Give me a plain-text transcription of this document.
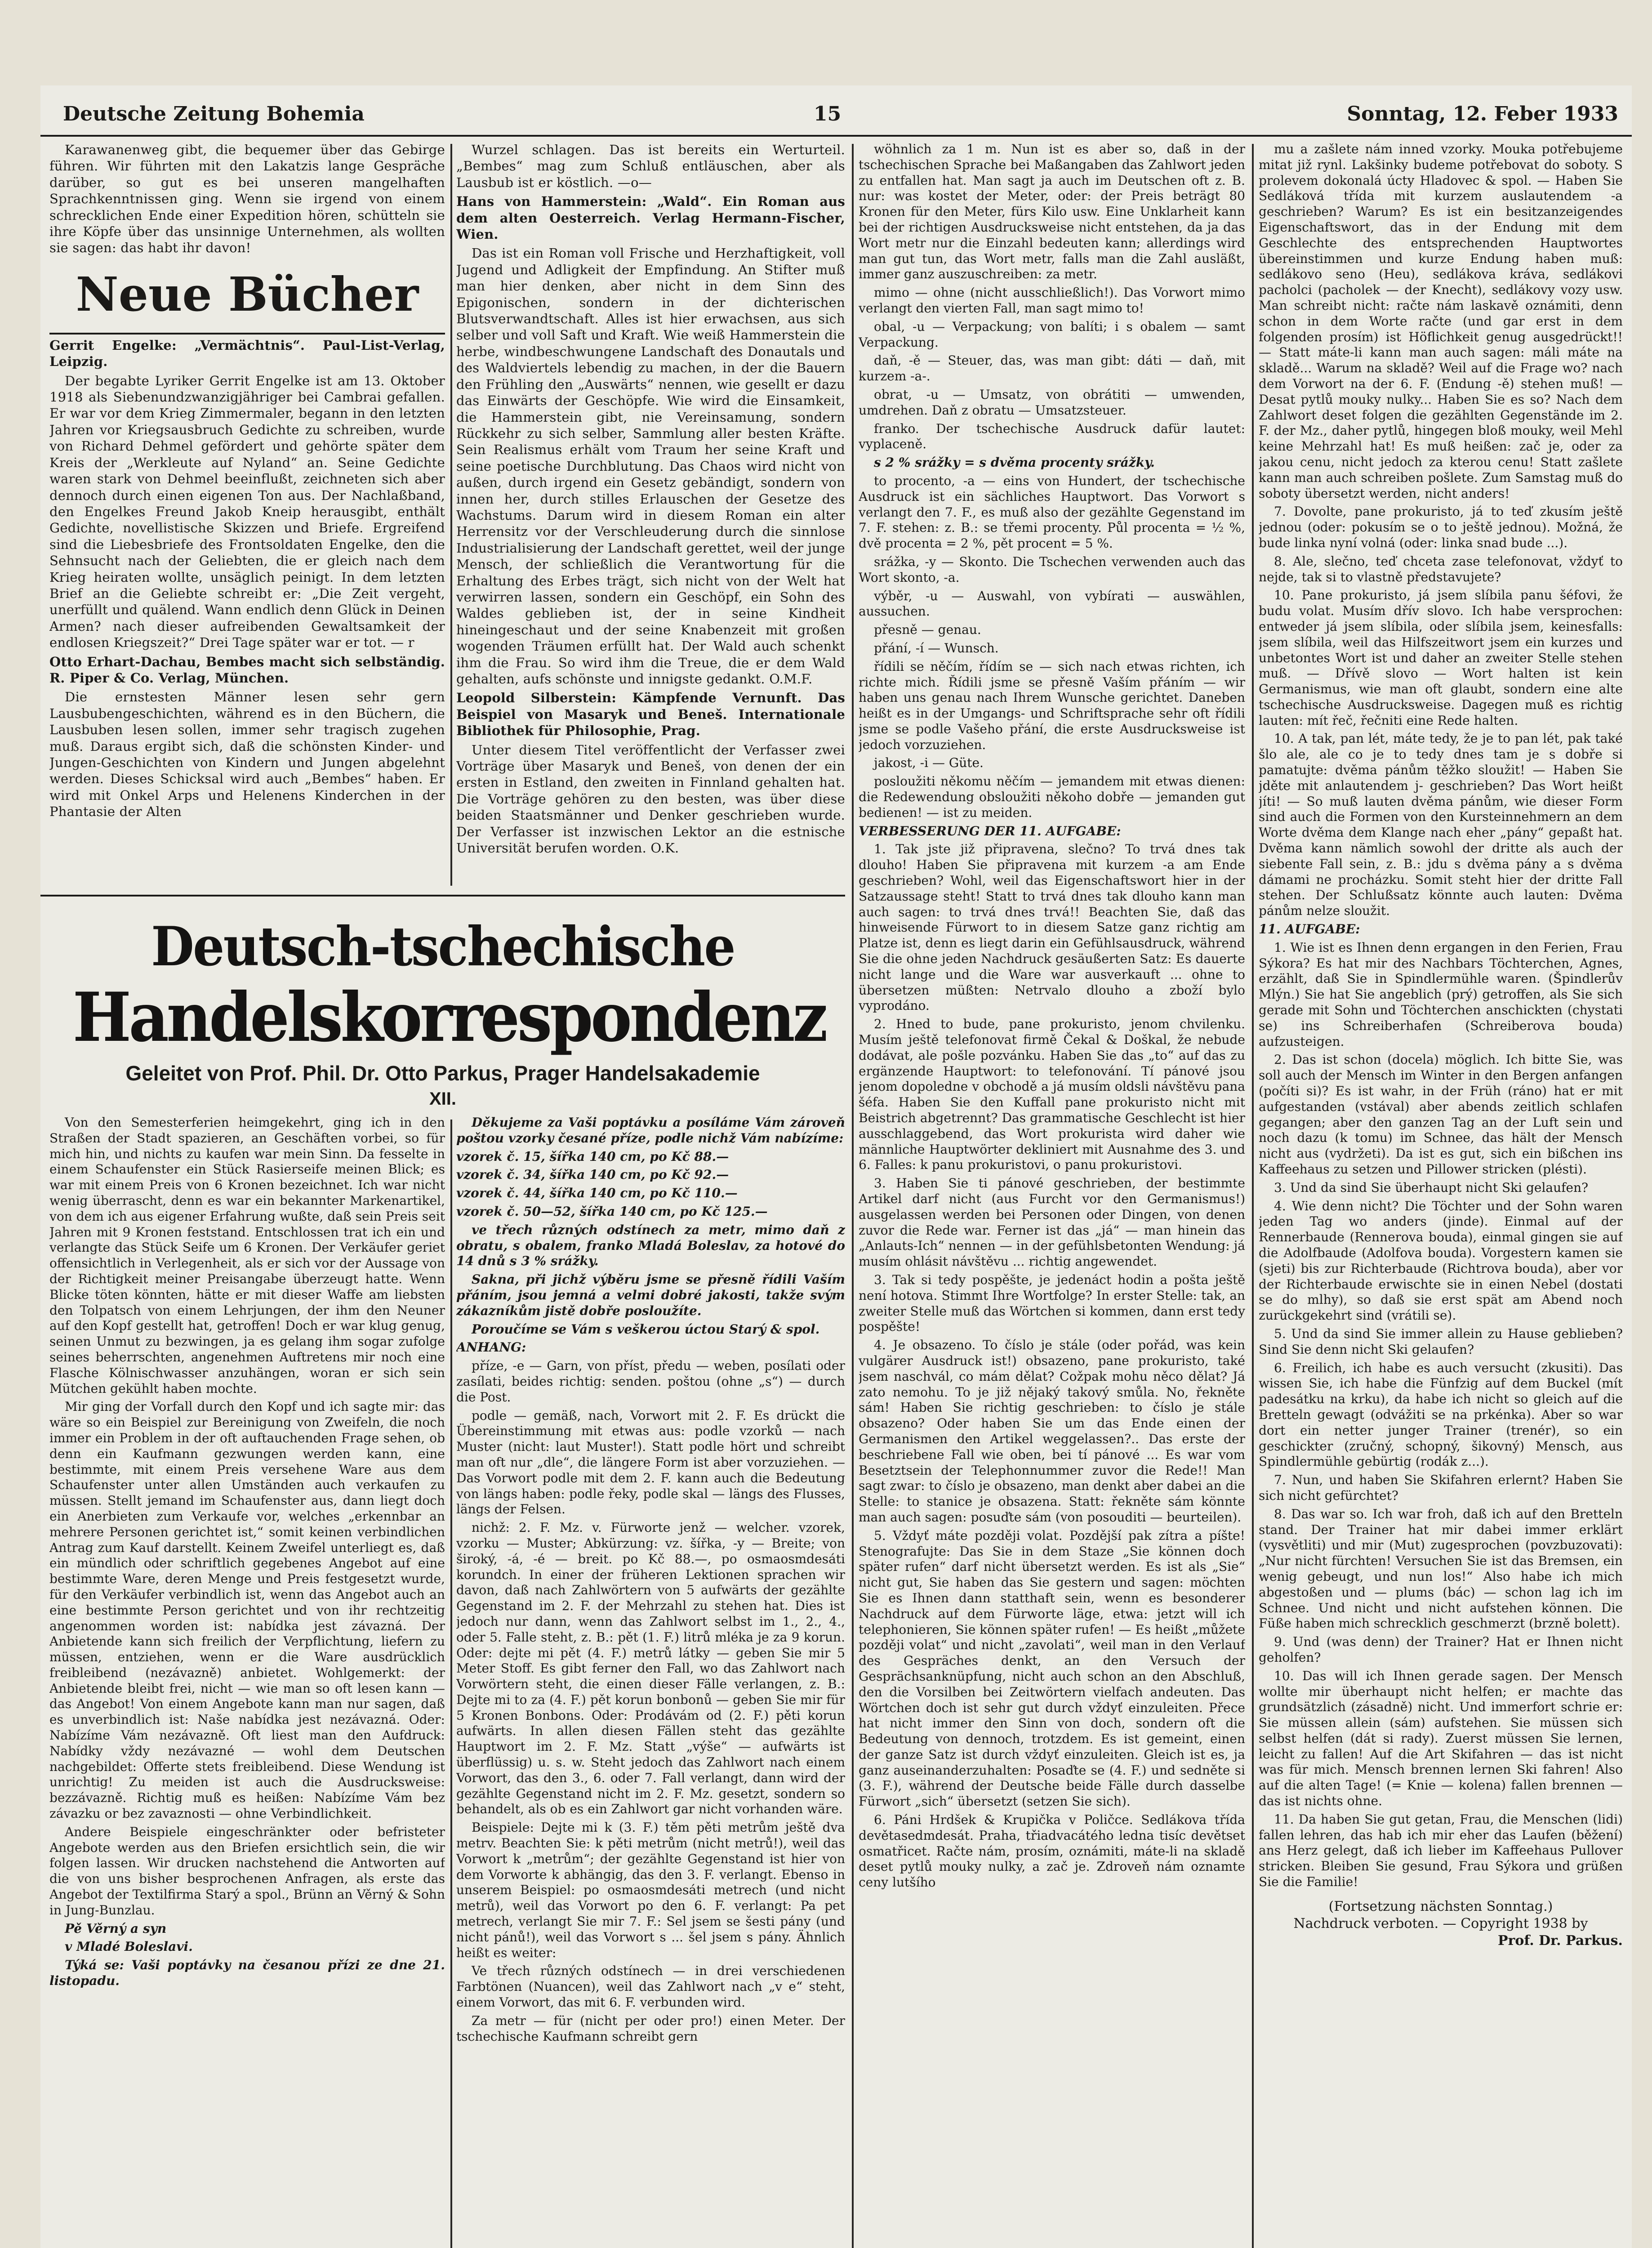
Deutsche Zeitung Bohemia	15	Sonntag, 12. Feber 1933

Karawanenweg gibt, die bequemer über das Gebirge führen. Wir führten mit den Lakatzis lange Gespräche darüber, so gut es bei unseren mangelhaften Sprachkenntnissen ging. Wenn sie irgend von einem schrecklichen Ende einer Expedition hören, schütteln sie ihre Köpfe über das unsinnige Unternehmen, als wollten sie sagen: das habt ihr davon!

Neue Bücher

Gerrit Engelke: „Vermächtnis“. Paul-List-Verlag, Leipzig.

Der begabte Lyriker Gerrit Engelke ist am 13. Oktober 1918 als Siebenundzwanzigjähriger bei Cambrai gefallen. Er war vor dem Krieg Zimmermaler, begann in den letzten Jahren vor Kriegsausbruch Gedichte zu schreiben, wurde von Richard Dehmel gefördert und gehörte später dem Kreis der „Werkleute auf Nyland“ an. Seine Gedichte waren stark von Dehmel beeinflußt, zeichneten sich aber dennoch durch einen eigenen Ton aus. Der Nachlaßband, den Engelkes Freund Jakob Kneip herausgibt, enthält Gedichte, novellistische Skizzen und Briefe. Ergreifend sind die Liebesbriefe des Frontsoldaten Engelke, den die Sehnsucht nach der Geliebten, die er gleich nach dem Krieg heiraten wollte, unsäglich peinigt. In dem letzten Brief an die Geliebte schreibt er: „Die Zeit vergeht, unerfüllt und quälend. Wann endlich denn Glück in Deinen Armen? nach dieser aufreibenden Gewaltsamkeit der endlosen Kriegszeit?“ Drei Tage später war er tot. — r

Otto Erhart-Dachau, Bembes macht sich selbständig. R. Piper & Co. Verlag, München.

Die ernstesten Männer lesen sehr gern Lausbubengeschichten, während es in den Büchern, die Lausbuben lesen sollen, immer sehr tragisch zugehen muß. Daraus ergibt sich, daß die schönsten Kinder- und Jungen-Geschichten von Kindern und Jungen abgelehnt werden. Dieses Schicksal wird auch „Bembes“ haben. Er wird mit Onkel Arps und Helenens Kinderchen in der Phantasie der Alten

Wurzel schlagen. Das ist bereits ein Werturteil. „Bembes“ mag zum Schluß entläuschen, aber als Lausbub ist er köstlich. —o—

Hans von Hammerstein: „Wald“. Ein Roman aus dem alten Oesterreich. Verlag Hermann-Fischer, Wien.

Das ist ein Roman voll Frische und Herzhaftigkeit, voll Jugend und Adligkeit der Empfindung. An Stifter muß man hier denken, aber nicht in dem Sinn des Epigonischen, sondern in der dichterischen Blutsverwandtschaft. Alles ist hier erwachsen, aus sich selber und voll Saft und Kraft. Wie weiß Hammerstein die herbe, windbeschwungene Landschaft des Donautals und des Waldviertels lebendig zu machen, in der die Bauern den Frühling den „Auswärts“ nennen, wie gesellt er dazu das Einwärts der Geschöpfe. Wie wird die Einsamkeit, die Hammerstein gibt, nie Vereinsamung, sondern Rückkehr zu sich selber, Sammlung aller besten Kräfte. Sein Realismus erhält vom Traum her seine Kraft und seine poetische Durchblutung. Das Chaos wird nicht von außen, durch irgend ein Gesetz gebändigt, sondern von innen her, durch stilles Erlauschen der Gesetze des Wachstums. Darum wird in diesem Roman ein alter Herrensitz vor der Verschleuderung durch die sinnlose Industrialisierung der Landschaft gerettet, weil der junge Mensch, der schließlich die Verantwortung für die Erhaltung des Erbes trägt, sich nicht von der Welt hat verwirren lassen, sondern ein Geschöpf, ein Sohn des Waldes geblieben ist, der in seine Kindheit hineingeschaut und der seine Knabenzeit mit großen wogenden Träumen erfüllt hat. Der Wald auch schenkt ihm die Frau. So wird ihm die Treue, die er dem Wald gehalten, aufs schönste und innigste gedankt. O.M.F.

Leopold Silberstein: Kämpfende Vernunft. Das Beispiel von Masaryk und Beneš. Internationale Bibliothek für Philosophie, Prag.

Unter diesem Titel veröffentlicht der Verfasser zwei Vorträge über Masaryk und Beneš, von denen der ein ersten in Estland, den zweiten in Finnland gehalten hat. Die Vorträge gehören zu den besten, was über diese beiden Staatsmänner und Denker geschrieben wurde. Der Verfasser ist inzwischen Lektor an die estnische Universität berufen worden. O.K.

Deutsch-tschechische
Handelskorrespondenz
Geleitet von Prof. Phil. Dr. Otto Parkus, Prager Handelsakademie
XII.

Von den Semesterferien heimgekehrt, ging ich in den Straßen der Stadt spazieren, an Geschäften vorbei, so für mich hin, und nichts zu kaufen war mein Sinn. Da fesselte in einem Schaufenster ein Stück Rasierseife meinen Blick; es war mit einem Preis von 6 Kronen bezeichnet. Ich war nicht wenig überrascht, denn es war ein bekannter Markenartikel, von dem ich aus eigener Erfahrung wußte, daß sein Preis seit Jahren mit 9 Kronen feststand. Entschlossen trat ich ein und verlangte das Stück Seife um 6 Kronen. Der Verkäufer geriet offensichtlich in Verlegenheit, als er sich vor der Aussage von der Richtigkeit meiner Preisangabe überzeugt hatte. Wenn Blicke töten könnten, hätte er mit dieser Waffe am liebsten den Tolpatsch von einem Lehrjungen, der ihm den Neuner auf den Kopf gestellt hat, getroffen! Doch er war klug genug, seinen Unmut zu bezwingen, ja es gelang ihm sogar zufolge seines beherrschten, angenehmen Auftretens mir noch eine Flasche Kölnischwasser anzuhängen, woran er sich sein Mütchen gekühlt haben mochte.

Mir ging der Vorfall durch den Kopf und ich sagte mir: das wäre so ein Beispiel zur Bereinigung von Zweifeln, die noch immer ein Problem in der oft auftauchenden Frage sehen, ob denn ein Kaufmann gezwungen werden kann, eine bestimmte, mit einem Preis versehene Ware aus dem Schaufenster unter allen Umständen auch verkaufen zu müssen. Stellt jemand im Schaufenster aus, dann liegt doch ein Anerbieten zum Verkaufe vor, welches „erkennbar an mehrere Personen gerichtet ist,“ somit keinen verbindlichen Antrag zum Kauf darstellt. Keinem Zweifel unterliegt es, daß ein mündlich oder schriftlich gegebenes Angebot auf eine bestimmte Ware, deren Menge und Preis festgesetzt wurde, für den Verkäufer verbindlich ist, wenn das Angebot auch an eine bestimmte Person gerichtet und von ihr rechtzeitig angenommen worden ist: nabídka jest závazná. Der Anbietende kann sich freilich der Verpflichtung, liefern zu müssen, entziehen, wenn er die Ware ausdrücklich freibleibend (nezávazně) anbietet. Wohlgemerkt: der Anbietende bleibt frei, nicht — wie man so oft lesen kann — das Angebot! Von einem Angebote kann man nur sagen, daß es unverbindlich ist: Naše nabídka jest nezávazná. Oder: Nabízíme Vám nezávazně. Oft liest man den Aufdruck: Nabídky vždy nezávazné — wohl dem Deutschen nachgebildet: Offerte stets freibleibend. Diese Wendung ist unrichtig! Zu meiden ist auch die Ausdrucksweise: bezzávazně. Richtig muß es heißen: Nabízíme Vám bez závazku or bez zavaznosti — ohne Verbindlichkeit.

Andere Beispiele eingeschränkter oder befristeter Angebote werden aus den Briefen ersichtlich sein, die wir folgen lassen. Wir drucken nachstehend die Antworten auf die von uns bisher besprochenen Anfragen, als erste das Angebot der Textilfirma Starý a spol., Brünn an Věrný & Sohn in Jung-Bunzlau.

Pě Věrný a syn

v Mladé Boleslavi.

Týká se: Vaši poptávky na česanou přízi ze dne 21. listopadu.

Děkujeme za Vaši poptávku a posíláme Vám zároveň poštou vzorky česané příze, podle nichž Vám nabízíme:

vzorek č. 15, šířka 140 cm, po Kč 88.—

vzorek č. 34, šířka 140 cm, po Kč 92.—

vzorek č. 44, šířka 140 cm, po Kč 110.—

vzorek č. 50—52, šířka 140 cm, po Kč 125.—

ve třech různých odstínech za metr, mimo daň z obratu, s obalem, franko Mladá Boleslav, za hotové do 14 dnů s 3 % srážky.

Sakna, při jichž výběru jsme se přesně řídili Vaším přáním, jsou jemná a velmi dobré jakosti, takže svým zákazníkům jistě dobře posloužíte.

Poroučíme se Vám s veškerou úctou Starý & spol.

ANHANG:

příze, -e — Garn, von příst, předu — weben, posílati oder zasílati, beides richtig: senden. poštou (ohne „s“) — durch die Post.

podle — gemäß, nach, Vorwort mit 2. F. Es drückt die Übereinstimmung mit etwas aus: podle vzorků — nach Muster (nicht: laut Muster!). Statt podle hört und schreibt man oft nur „dle“, die längere Form ist aber vorzuziehen. — Das Vorwort podle mit dem 2. F. kann auch die Bedeutung von längs haben: podle řeky, podle skal — längs des Flusses, längs der Felsen.

nichž: 2. F. Mz. v. Fürworte jenž — welcher. vzorek, vzorku — Muster; Abkürzung: vz. šířka, -y — Breite; von široký, -á, -é — breit. po Kč 88.—, po osmaosmdesáti korundch. In einer der früheren Lektionen sprachen wir davon, daß nach Zahlwörtern von 5 aufwärts der gezählte Gegenstand im 2. F. der Mehrzahl zu stehen hat. Dies ist jedoch nur dann, wenn das Zahlwort selbst im 1., 2., 4., oder 5. Falle steht, z. B.: pět (1. F.) litrů mléka je za 9 korun. Oder: dejte mi pět (4. F.) metrů látky — geben Sie mir 5 Meter Stoff. Es gibt ferner den Fall, wo das Zahlwort nach Vorwörtern steht, die einen dieser Fälle verlangen, z. B.: Dejte mi to za (4. F.) pět korun bonbonů — geben Sie mir für 5 Kronen Bonbons. Oder: Prodávám od (2. F.) pěti korun aufwärts. In allen diesen Fällen steht das gezählte Hauptwort im 2. F. Mz. Statt „výše“ — aufwärts ist überflüssig) u. s. w. Steht jedoch das Zahlwort nach einem Vorwort, das den 3., 6. oder 7. Fall verlangt, dann wird der gezählte Gegenstand nicht im 2. F. Mz. gesetzt, sondern so behandelt, als ob es ein Zahlwort gar nicht vorhanden wäre.

Beispiele: Dejte mi k (3. F.) těm pěti metrům ještě dva metrv. Beachten Sie: k pěti metrům (nicht metrů!), weil das Vorwort k „metrům“; der gezählte Gegenstand ist hier von dem Vorworte k abhängig, das den 3. F. verlangt. Ebenso in unserem Beispiel: po osmaosmdesáti metrech (und nicht metrů), weil das Vorwort po den 6. F. verlangt: Pa pet metrech, verlangt Sie mir 7. F.: Sel jsem se šesti pány (und nicht pánů!), weil das Vorwort s ... šel jsem s pány. Ähnlich heißt es weiter:

Ve třech různých odstínech — in drei verschiedenen Farbtönen (Nuancen), weil das Zahlwort nach „v e“ steht, einem Vorwort, das mit 6. F. verbunden wird.

Za metr — für (nicht per oder pro!) einen Meter. Der tschechische Kaufmann schreibt gern

wöhnlich za 1 m. Nun ist es aber so, daß in der tschechischen Sprache bei Maßangaben das Zahlwort jeden zu entfallen hat. Man sagt ja auch im Deutschen oft z. B. nur: was kostet der Meter, oder: der Preis beträgt 80 Kronen für den Meter, fürs Kilo usw. Eine Unklarheit kann bei der richtigen Ausdrucksweise nicht entstehen, da ja das Wort metr nur die Einzahl bedeuten kann; allerdings wird man gut tun, das Wort metr, falls man die Zahl ausläßt, immer ganz auszuschreiben: za metr.

mimo — ohne (nicht ausschließlich!). Das Vorwort mimo verlangt den vierten Fall, man sagt mimo to!

obal, -u — Verpackung; von balíti; i s obalem — samt Verpackung.

daň, -ě — Steuer, das, was man gibt: dáti — daň, mit kurzem -a-.

obrat, -u — Umsatz, von obrátiti — umwenden, umdrehen. Daň z obratu — Umsatzsteuer.

franko. Der tschechische Ausdruck dafür lautet: vyplaceně.

s 2 % srážky = s dvěma procenty srážky.

to procento, -a — eins von Hundert, der tschechische Ausdruck ist ein sächliches Hauptwort. Das Vorwort s verlangt den 7. F., es muß also der gezählte Gegenstand im 7. F. stehen: z. B.: se třemi procenty. Půl procenta = ½ %, dvě procenta = 2 %, pět procent = 5 %.

srážka, -y — Skonto. Die Tschechen verwenden auch das Wort skonto, -a.

výběr, -u — Auswahl, von vybírati — auswählen, aussuchen.

přesně — genau.

přání, -í — Wunsch.

řídili se něčím, řídím se — sich nach etwas richten, ich richte mich. Řídili jsme se přesně Vaším přáním — wir haben uns genau nach Ihrem Wunsche gerichtet. Daneben heißt es in der Umgangs- und Schriftsprache sehr oft řídili jsme se podle Vašeho přání, die erste Ausdrucksweise ist jedoch vorzuziehen.

jakost, -i — Güte.

posloužiti někomu něčím — jemandem mit etwas dienen: die Redewendung obsloužiti někoho dobře — jemanden gut bedienen! — ist zu meiden.

VERBESSERUNG DER 11. AUFGABE:

1. Tak jste již připravena, slečno? To trvá dnes tak dlouho! Haben Sie připravena mit kurzem -a am Ende geschrieben? Wohl, weil das Eigenschaftswort hier in der Satzaussage steht! Statt to trvá dnes tak dlouho kann man auch sagen: to trvá dnes trvá!! Beachten Sie, daß das hinweisende Fürwort to in diesem Satze ganz richtig am Platze ist, denn es liegt darin ein Gefühlsausdruck, während Sie die ohne jeden Nachdruck gesäußerten Satz: Es dauerte nicht lange und die Ware war ausverkauft ... ohne to übersetzen müßten: Netrvalo dlouho a zboží bylo vyprodáno.

2. Hned to bude, pane prokuristo, jenom chvilenku. Musím ještě telefonovat firmě Čekal & Doškal, že nebude dodávat, ale pošle pozvánku. Haben Sie das „to“ auf das zu ergänzende Hauptwort: to telefonování. Tí pánové jsou jenom dopoledne v obchodě a já musím oldsli návštěvu pana šéfa. Haben Sie den Kuffall pane prokuristo nicht mit Beistrich abgetrennt? Das grammatische Geschlecht ist hier ausschlaggebend, das Wort prokurista wird daher wie männliche Hauptwörter dekliniert mit Ausnahme des 3. und 6. Falles: k panu prokuristovi, o panu prokuristovi.

3. Haben Sie ti pánové geschrieben, der bestimmte Artikel darf nicht (aus Furcht vor den Germanismus!) ausgelassen werden bei Personen oder Dingen, von denen zuvor die Rede war. Ferner ist das „já“ — man hinein das „Anlauts-Ich“ nennen — in der gefühlsbetonten Wendung: já musím ohlásit návštěvu ... richtig angewendet.

3. Tak si tedy pospěšte, je jedenáct hodin a pošta ještě není hotova. Stimmt Ihre Wortfolge? In erster Stelle: tak, an zweiter Stelle muß das Wörtchen si kommen, dann erst tedy pospěšte!

4. Je obsazeno. To číslo je stále (oder pořád, was kein vulgärer Ausdruck ist!) obsazeno, pane prokuristo, také jsem naschvál, co mám dělat? Cožpak mohu něco dělat? Já zato nemohu. To je již nějaký takový smůla. No, řekněte sám! Haben Sie richtig geschrieben: to číslo je stále obsazeno? Oder haben Sie um das Ende einen der Germanismen den Artikel weggelassen?.. Das erste der beschriebene Fall wie oben, bei tí pánové ... Es war vom Besetztsein der Telephonnummer zuvor die Rede!! Man sagt zwar: to číslo je obsazeno, man denkt aber dabei an die Stelle: to stanice je obsazena. Statt: řekněte sám könnte man auch sagen: posuďte sám (von posouditi — beurteilen).

5. Vždyť máte později volat. Pozdější pak zítra a píšte! Stenografujte: Das Sie in dem Staze „Sie können doch später rufen“ darf nicht übersetzt werden. Es ist als „Sie“ nicht gut, Sie haben das Sie gestern und sagen: möchten Sie es Ihnen dann statthaft sein, wenn es besonderer Nachdruck auf dem Fürworte läge, etwa: jetzt will ich telephonieren, Sie können später rufen! — Es heißt „můžete později volat“ und nicht „zavolati“, weil man in den Verlauf des Gespräches denkt, an den Versuch der Gesprächsanknüpfung, nicht auch schon an den Abschluß, den die Vorsilben bei Zeitwörtern vielfach andeuten. Das Wörtchen doch ist sehr gut durch vždyť einzuleiten. Přece hat nicht immer den Sinn von doch, sondern oft die Bedeutung von dennoch, trotzdem. Es ist gemeint, einen der ganze Satz ist durch vždyť einzuleiten. Gleich ist es, ja ganz auseinanderzuhalten: Posaďte se (4. F.) und sedněte si (3. F.), während der Deutsche beide Fälle durch dasselbe Fürwort „sich“ übersetzt (setzen Sie sich).

6. Páni Hrdšek & Krupička v Poličce. Sedlákova třída devětasedmdesát. Praha, třiadvacátého ledna tisíc devětset osmatřicet. Račte nám, prosím, oznámiti, máte-li na skladě deset pytlů mouky nulky, a zač je. Zdroveň nám oznamte ceny lutšího

mu a zašlete nám inned vzorky. Mouka potřebujeme mitat již rynl. Lakšinky budeme potřebovat do soboty. S prolevem dokonalá úcty Hladovec & spol. — Haben Sie Sedláková třída mit kurzem auslautendem -a geschrieben? Warum? Es ist ein besitzanzeigendes Eigenschaftswort, das in der Endung mit dem Geschlechte des entsprechenden Hauptwortes übereinstimmen und kurze Endung haben muß: sedlákovo seno (Heu), sedlákova kráva, sedlákovi pacholci (pacholek — der Knecht), sedlákovy vozy usw. Man schreibt nicht: račte nám laskavě oznámiti, denn schon in dem Worte račte (und gar erst in dem folgenden prosím) ist Höflichkeit genug ausgedrückt!! — Statt máte-li kann man auch sagen: máli máte na skladě... Warum na skladě? Weil auf die Frage wo? nach dem Vorwort na der 6. F. (Endung -ě) stehen muß! — Desat pytlů mouky nulky... Haben Sie es so? Nach dem Zahlwort deset folgen die gezählten Gegenstände im 2. F. der Mz., daher pytlů, hingegen bloß mouky, weil Mehl keine Mehrzahl hat! Es muß heißen: zač je, oder za jakou cenu, nicht jedoch za kterou cenu! Statt zašlete kann man auch schreiben pošlete. Zum Samstag muß do soboty übersetzt werden, nicht anders!

7. Dovolte, pane prokuristo, já to teď zkusím ještě jednou (oder: pokusím se o to ještě jednou). Možná, že bude linka nyní volná (oder: linka snad bude ...).

8. Ale, slečno, teď chceta zase telefonovat, vždyť to nejde, tak si to vlastně představujete?

10. Pane prokuristo, já jsem slíbila panu šéfovi, že budu volat. Musím dřív slovo. Ich habe versprochen: entweder já jsem slíbila, oder slíbila jsem, keinesfalls: jsem slíbila, weil das Hilfszeitwort jsem ein kurzes und unbetontes Wort ist und daher an zweiter Stelle stehen muß. — Dřívě slovo — Wort halten ist kein Germanismus, wie man oft glaubt, sondern eine alte tschechische Ausdrucksweise. Dagegen muß es richtig lauten: mít řeč, řečniti eine Rede halten.

10. A tak, pan lét, máte tedy, že je to pan lét, pak také šlo ale, ale co je to tedy dnes tam je s dobře si pamatujte: dvěma pánům těžko sloužit! — Haben Sie jděte mit anlautendem j- geschrieben? Das Wort heißt jíti! — So muß lauten dvěma pánům, wie dieser Form sind auch die Formen von den Kursteinnehmern an dem Worte dvěma dem Klange nach eher „pány“ gepaßt hat. Dvěma kann nämlich sowohl der dritte als auch der siebente Fall sein, z. B.: jdu s dvěma pány a s dvěma dámami ne procházku. Somit steht hier der dritte Fall stehen. Der Schlußsatz könnte auch lauten: Dvěma pánům nelze sloužit.

11. AUFGABE:

1. Wie ist es Ihnen denn ergangen in den Ferien, Frau Sýkora? Es hat mir des Nachbars Töchterchen, Agnes, erzählt, daß Sie in Spindlermühle waren. (Špindlerův Mlýn.) Sie hat Sie angeblich (prý) getroffen, als Sie sich gerade mit Sohn und Töchterchen anschickten (chystati se) ins Schreiberhafen (Schreiberova bouda) aufzusteigen.

2. Das ist schon (docela) möglich. Ich bitte Sie, was soll auch der Mensch im Winter in den Bergen anfangen (počíti si)? Es ist wahr, in der Früh (ráno) hat er mit aufgestanden (vstával) aber abends zeitlich schlafen gegangen; aber den ganzen Tag an der Luft sein und noch dazu (k tomu) im Schnee, das hält der Mensch nicht aus (vydržeti). Da ist es gut, sich ein bißchen ins Kaffeehaus zu setzen und Pillower stricken (plésti).

3. Und da sind Sie überhaupt nicht Ski gelaufen?

4. Wie denn nicht? Die Töchter und der Sohn waren jeden Tag wo anders (jinde). Einmal auf der Rennerbaude (Rennerova bouda), einmal gingen sie auf die Adolfbaude (Adolfova bouda). Vorgestern kamen sie (sjeti) bis zur Richterbaude (Richtrova bouda), aber vor der Richterbaude erwischte sie in einen Nebel (dostati se do mlhy), so daß sie erst spät am Abend noch zurückgekehrt sind (vrátili se).

5. Und da sind Sie immer allein zu Hause geblieben? Sind Sie denn nicht Ski gelaufen?

6. Freilich, ich habe es auch versucht (zkusiti). Das wissen Sie, ich habe die Fünfzig auf dem Buckel (mít padesátku na krku), da habe ich nicht so gleich auf die Bretteln gewagt (odvážiti se na prkénka). Aber so war dort ein netter junger Trainer (trenér), so ein geschickter (zručný, schopný, šikovný) Mensch, aus Spindlermühle gebürtig (rodák z...).

7. Nun, und haben Sie Skifahren erlernt? Haben Sie sich nicht gefürchtet?

8. Das war so. Ich war froh, daß ich auf den Bretteln stand. Der Trainer hat mir dabei immer erklärt (vysvětliti) und mir (Mut) zugesprochen (povzbuzovati): „Nur nicht fürchten! Versuchen Sie ist das Bremsen, ein wenig gebeugt, und nun los!“ Also habe ich mich abgestoßen und — plums (bác) — schon lag ich im Schnee. Und nicht und nicht aufstehen können. Die Füße haben mich schrecklich geschmerzt (brzně bolett).

9. Und (was denn) der Trainer? Hat er Ihnen nicht geholfen?

10. Das will ich Ihnen gerade sagen. Der Mensch wollte mir überhaupt nicht helfen; er machte das grundsätzlich (zásadně) nicht. Und immerfort schrie er: Sie müssen allein (sám) aufstehen. Sie müssen sich selbst helfen (dát si rady). Zuerst müssen Sie lernen, leicht zu fallen! Auf die Art Skifahren — das ist nicht was für mich. Mensch brennen lernen Ski fahren! Also auf die alten Tage! (= Knie — kolena) fallen brennen — das ist nichts ohne.

11. Da haben Sie gut getan, Frau, die Menschen (lidi) fallen lehren, das hab ich mir eher das Laufen (běžení) ans Herz gelegt, daß ich lieber im Kaffeehaus Pullover stricken. Bleiben Sie gesund, Frau Sýkora und grüßen Sie die Familie!

(Fortsetzung nächsten Sonntag.)
Nachdruck verboten. — Copyright 1938 by
Prof. Dr. Parkus.
